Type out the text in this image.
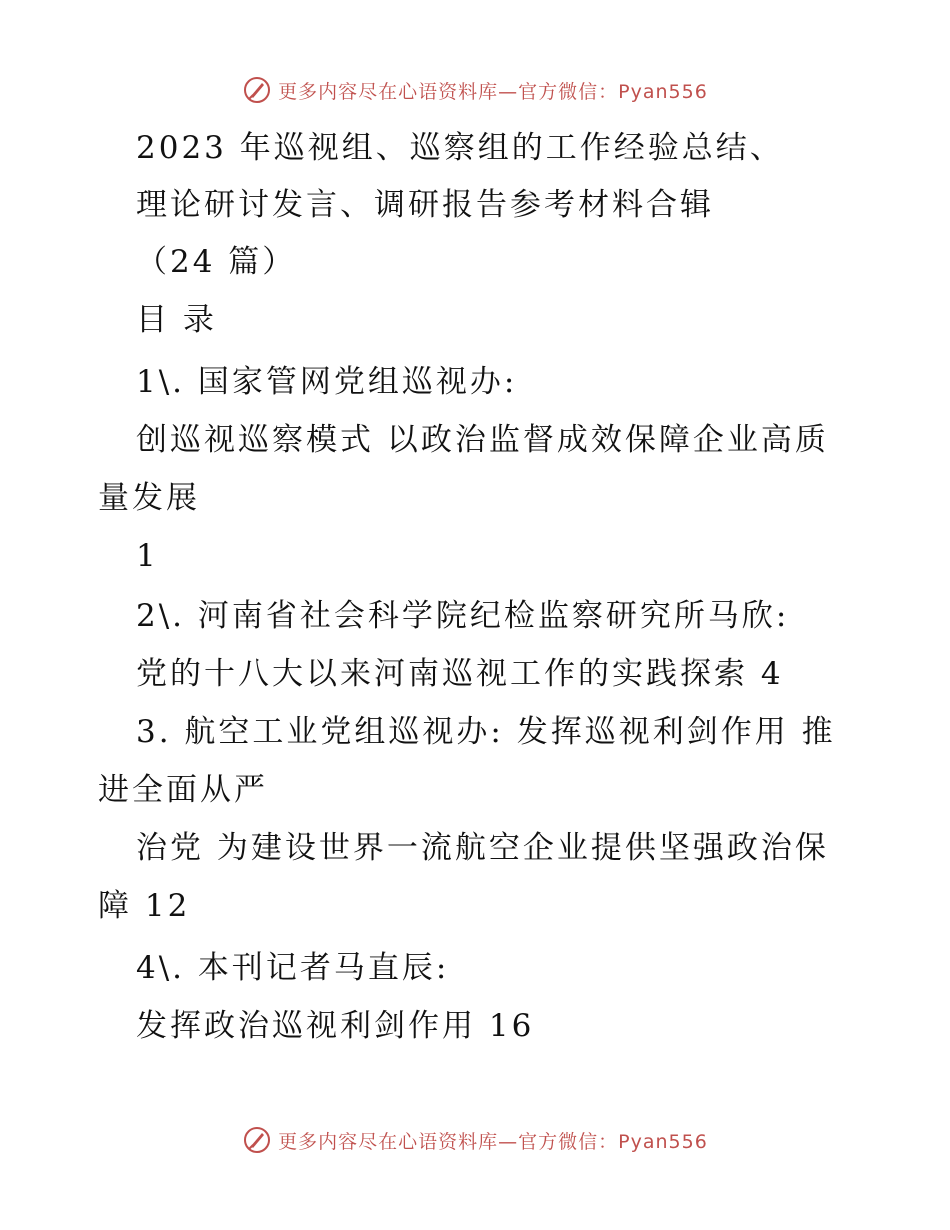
更多内容尽在心语资料库—官方微信：Pyan556
2023 年巡视组、巡察组的工作经验总结、
理论研讨发言、调研报告参考材料合辑
（24 篇）
目 录
1\. 国家管网党组巡视办:
创巡视巡察模式 以政治监督成效保障企业高质
量发展
1
2\. 河南省社会科学院纪检监察研究所马欣:
党的十八大以来河南巡视工作的实践探索 4
3. 航空工业党组巡视办: 发挥巡视利剑作用 推
进全面从严
治党 为建设世界一流航空企业提供坚强政治保
障 12
4\. 本刊记者马直辰:
发挥政治巡视利剑作用 16
更多内容尽在心语资料库—官方微信：Pyan556
